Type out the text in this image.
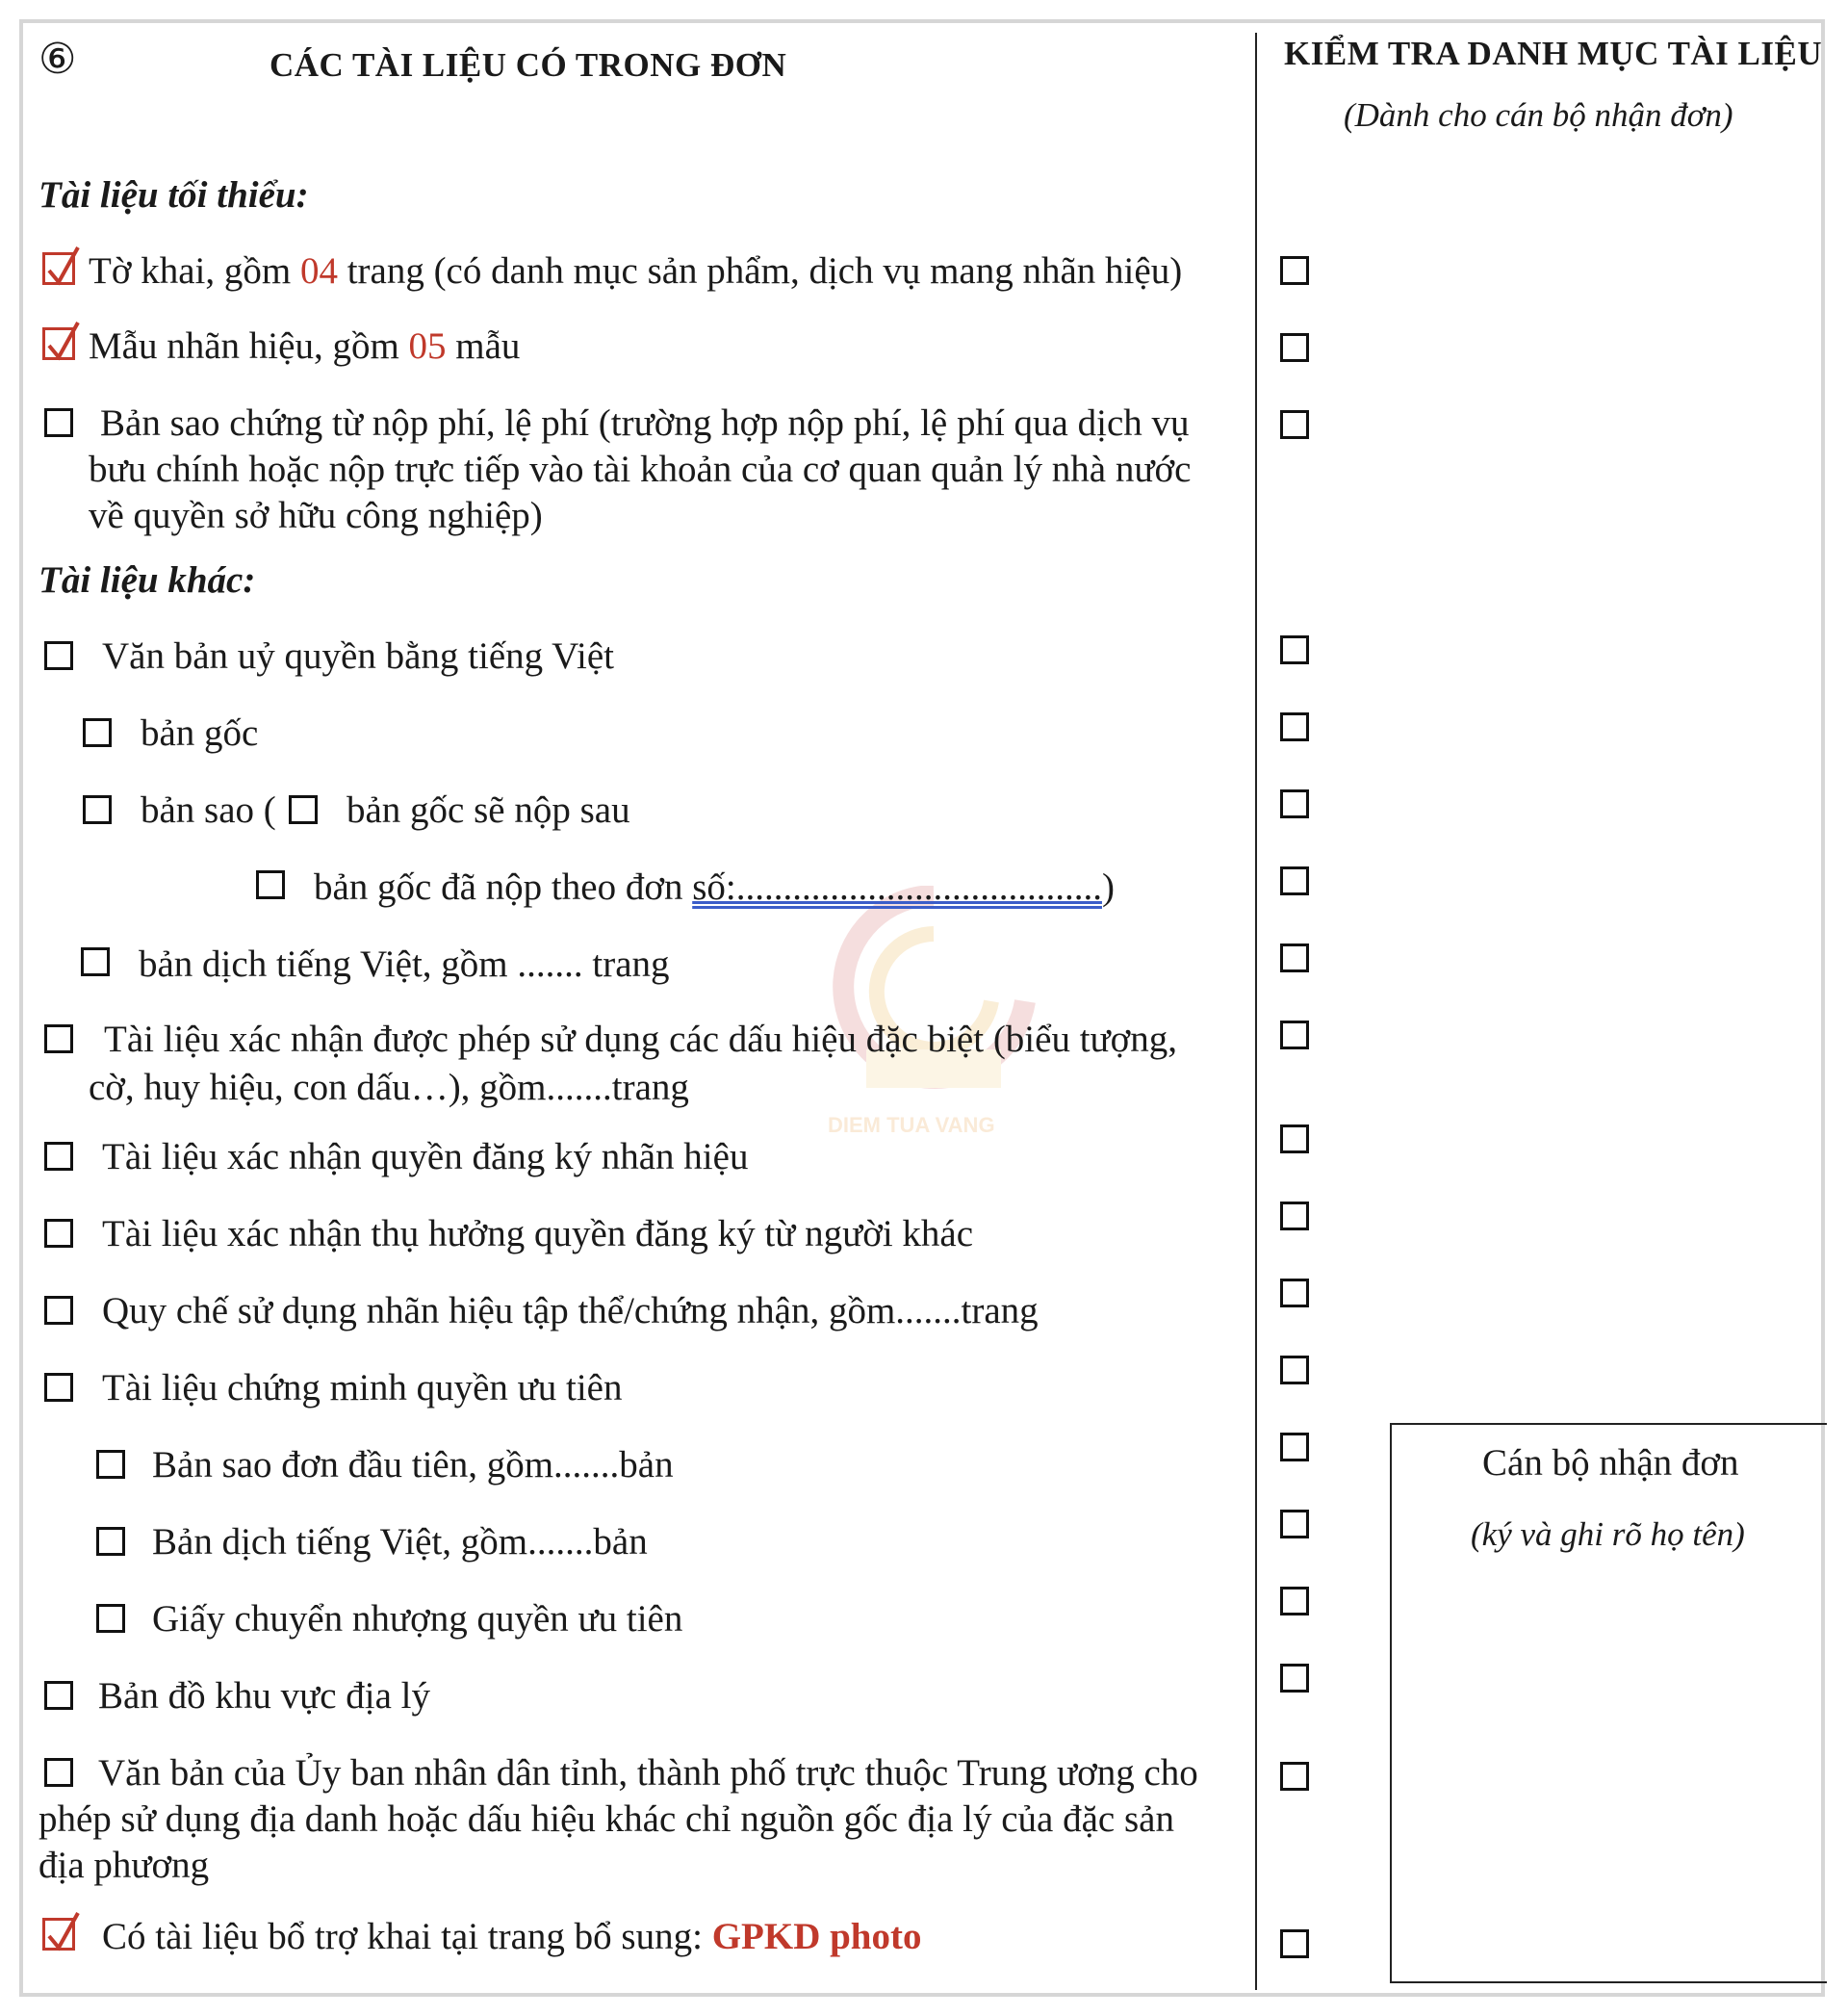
DIEM TUA VANG
⑥	CÁC TÀI LIỆU CÓ TRONG ĐƠN	KIỂM TRA DANH MỤC TÀI LIỆU
(Dành cho cán bộ nhận đơn)
Tài liệu tối thiểu:
Tờ khai, gồm 04 trang (có danh mục sản phẩm, dịch vụ mang nhãn hiệu)
Mẫu nhãn hiệu, gồm 05 mẫu
Bản sao chứng từ nộp phí, lệ phí (trường hợp nộp phí, lệ phí qua dịch vụ
bưu chính hoặc nộp trực tiếp vào tài khoản của cơ quan quản lý nhà nước
về quyền sở hữu công nghiệp)
Tài liệu khác:
Văn bản uỷ quyền bằng tiếng Việt
bản gốc
bản sao ( bản gốc sẽ nộp sau
bản gốc đã nộp theo đơn số:.......................................)
bản dịch tiếng Việt, gồm ....... trang
Tài liệu xác nhận được phép sử dụng các dấu hiệu đặc biệt (biểu tượng,
cờ, huy hiệu, con dấu…), gồm.......trang
Tài liệu xác nhận quyền đăng ký nhãn hiệu
Tài liệu xác nhận thụ hưởng quyền đăng ký từ người khác
Quy chế sử dụng nhãn hiệu tập thể/chứng nhận, gồm.......trang
Tài liệu chứng minh quyền ưu tiên
Bản sao đơn đầu tiên, gồm.......bản
Bản dịch tiếng Việt, gồm.......bản
Giấy chuyển nhượng quyền ưu tiên
Bản đồ khu vực địa lý
Văn bản của Ủy ban nhân dân tỉnh, thành phố trực thuộc Trung ương cho
phép sử dụng địa danh hoặc dấu hiệu khác chỉ nguồn gốc địa lý của đặc sản
địa phương
Có tài liệu bổ trợ khai tại trang bổ sung: GPKD photo
Cán bộ nhận đơn
(ký và ghi rõ họ tên)
